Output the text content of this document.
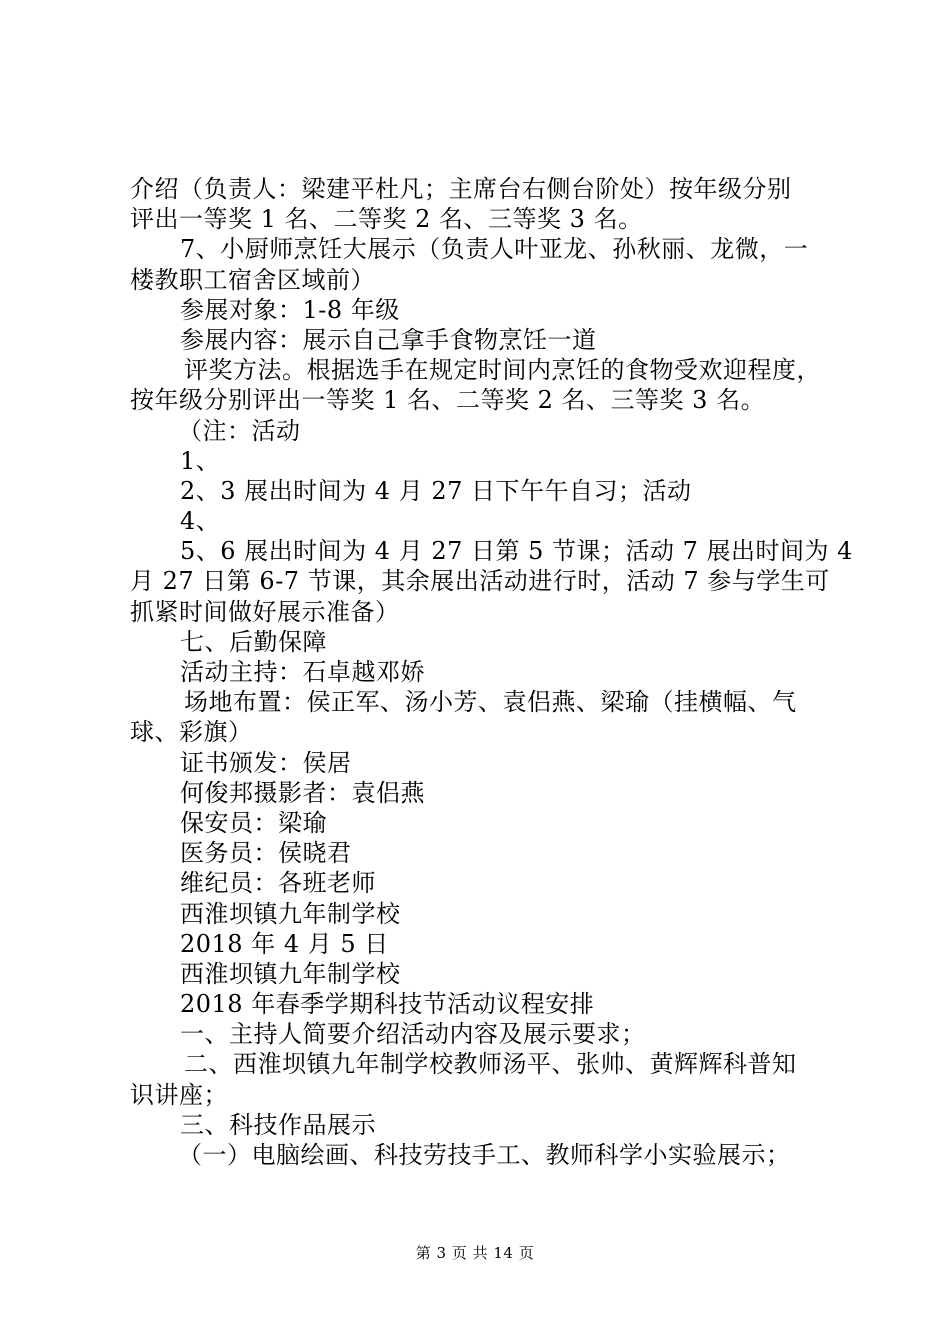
介绍（负责人：梁建平杜凡；主席台右侧台阶处）按年级分别
评出一等奖 1 名、二等奖 2 名、三等奖 3 名。
7、小厨师烹饪大展示（负责人叶亚龙、孙秋丽、龙微，一
楼教职工宿舍区域前）
参展对象：1-8 年级
参展内容：展示自己拿手食物烹饪一道
评奖方法。根据选手在规定时间内烹饪的食物受欢迎程度，
按年级分别评出一等奖 1 名、二等奖 2 名、三等奖 3 名。
（注：活动
1、
2、3 展出时间为 4 月 27 日下午午自习；活动
4、
5、6 展出时间为 4 月 27 日第 5 节课；活动 7 展出时间为 4
月 27 日第 6-7 节课，其余展出活动进行时，活动 7 参与学生可
抓紧时间做好展示准备）
七、后勤保障
活动主持：石卓越邓娇
场地布置：侯正军、汤小芳、袁侣燕、梁瑜（挂横幅、气
球、彩旗）
证书颁发：侯居
何俊邦摄影者：袁侣燕
保安员：梁瑜
医务员：侯晓君
维纪员：各班老师
西淮坝镇九年制学校
2018 年 4 月 5 日
西淮坝镇九年制学校
2018 年春季学期科技节活动议程安排
一、主持人简要介绍活动内容及展示要求；
二、西淮坝镇九年制学校教师汤平、张帅、黄辉辉科普知
识讲座；
三、科技作品展示
（一）电脑绘画、科技劳技手工、教师科学小实验展示；
第 3 页 共 14 页
